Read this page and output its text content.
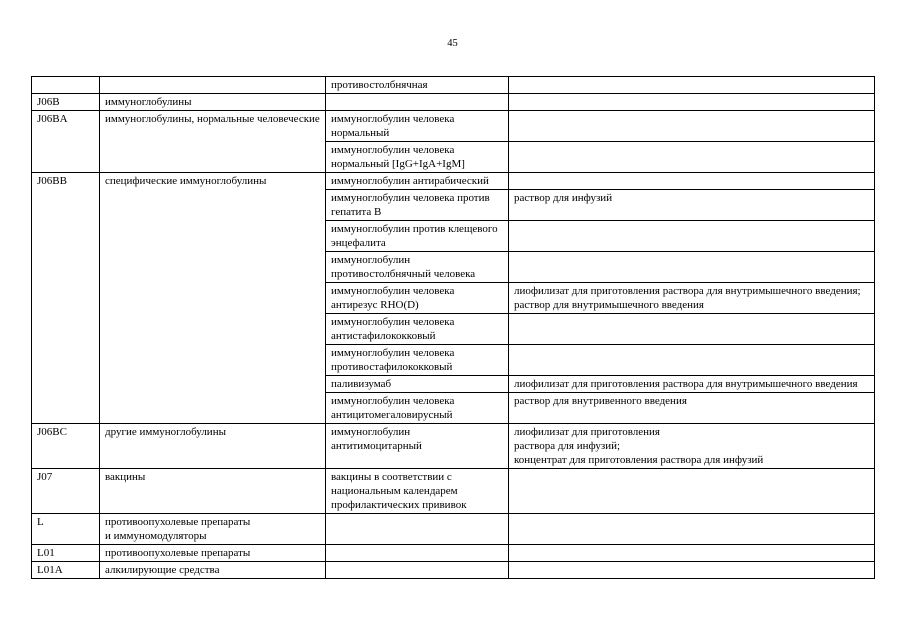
45
		противостолбнячная	
J06B	иммуноглобулины		
J06BA	иммуноглобулины, нормальные человеческие	иммуноглобулин человека нормальный	
		иммуноглобулин человека нормальный [IgG+IgA+IgM]	
J06BB	специфические иммуноглобулины	иммуноглобулин антирабический	
		иммуноглобулин человека против гепатита B	раствор для инфузий
		иммуноглобулин против клещевого энцефалита	
		иммуноглобулин противостолбнячный человека	
		иммуноглобулин человека антирезус RHO(D)	лиофилизат для приготовления раствора для внутримышечного введения;
раствор для внутримышечного введения
		иммуноглобулин человека антистафилококковый	
		иммуноглобулин человека противостафилококковый	
		паливизумаб	лиофилизат для приготовления раствора для внутримышечного введения
		иммуноглобулин человека антицитомегаловирусный	раствор для внутривенного введения
J06BC	другие иммуноглобулины	иммуноглобулин антитимоцитарный	лиофилизат для приготовления
раствора для инфузий;
концентрат для приготовления раствора для инфузий
J07	вакцины	вакцины в соответствии с национальным календарем профилактических прививок	
L	противоопухолевые препараты
и иммуномодуляторы		
L01	противоопухолевые препараты		
L01A	алкилирующие средства		
